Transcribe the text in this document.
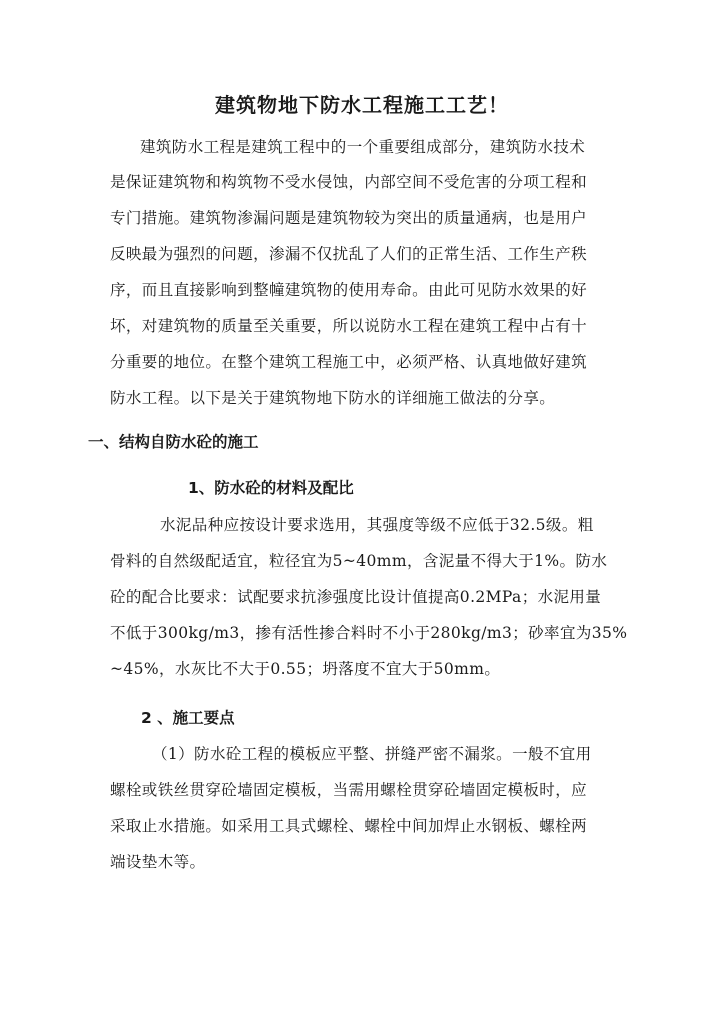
建筑物地下防水工程施工工艺！
建筑防水工程是建筑工程中的一个重要组成部分，建筑防水技术
是保证建筑物和构筑物不受水侵蚀，内部空间不受危害的分项工程和
专门措施。建筑物渗漏问题是建筑物较为突出的质量通病，也是用户
反映最为强烈的问题，渗漏不仅扰乱了人们的正常生活、工作生产秩
序，而且直接影响到整幢建筑物的使用寿命。由此可见防水效果的好
坏，对建筑物的质量至关重要，所以说防水工程在建筑工程中占有十
分重要的地位。在整个建筑工程施工中，必须严格、认真地做好建筑
防水工程。以下是关于建筑物地下防水的详细施工做法的分享。
一、结构自防水砼的施工
1、防水砼的材料及配比
水泥品种应按设计要求选用，其强度等级不应低于32.5级。粗
骨料的自然级配适宜，粒径宜为5~40mm，含泥量不得大于1%。防水
砼的配合比要求：试配要求抗渗强度比设计值提高0.2MPa；水泥用量
不低于300kg/m3，掺有活性掺合料时不小于280kg/m3；砂率宜为35%
~45%，水灰比不大于0.55；坍落度不宜大于50mm。
2 、施工要点
（1）防水砼工程的模板应平整、拼缝严密不漏浆。一般不宜用
螺栓或铁丝贯穿砼墙固定模板，当需用螺栓贯穿砼墙固定模板时，应
采取止水措施。如采用工具式螺栓、螺栓中间加焊止水钢板、螺栓两
端设垫木等。
